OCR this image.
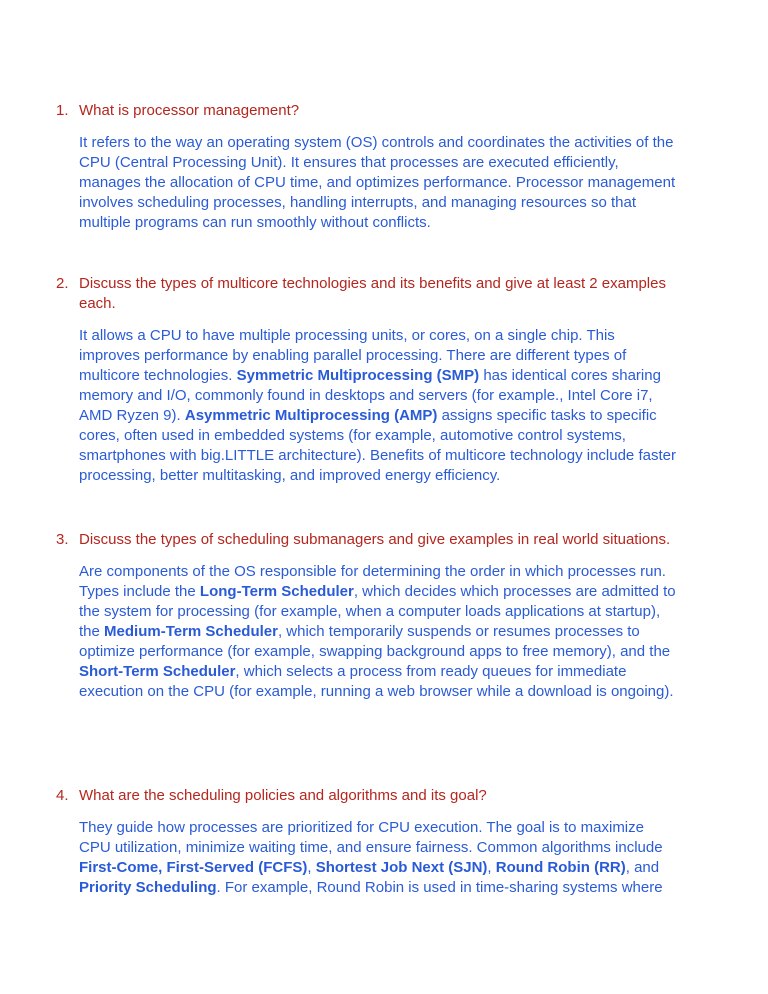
1. What is processor management?

It refers to the way an operating system (OS) controls and coordinates the activities of the CPU (Central Processing Unit). It ensures that processes are executed efficiently, manages the allocation of CPU time, and optimizes performance. Processor management involves scheduling processes, handling interrupts, and managing resources so that multiple programs can run smoothly without conflicts.

2. Discuss the types of multicore technologies and its benefits and give at least 2 examples each.

It allows a CPU to have multiple processing units, or cores, on a single chip. This improves performance by enabling parallel processing. There are different types of multicore technologies. Symmetric Multiprocessing (SMP) has identical cores sharing memory and I/O, commonly found in desktops and servers (for example., Intel Core i7, AMD Ryzen 9). Asymmetric Multiprocessing (AMP) assigns specific tasks to specific cores, often used in embedded systems (for example, automotive control systems, smartphones with big.LITTLE architecture). Benefits of multicore technology include faster processing, better multitasking, and improved energy efficiency.

3. Discuss the types of scheduling submanagers and give examples in real world situations.

Are components of the OS responsible for determining the order in which processes run. Types include the Long-Term Scheduler, which decides which processes are admitted to the system for processing (for example, when a computer loads applications at startup), the Medium-Term Scheduler, which temporarily suspends or resumes processes to optimize performance (for example, swapping background apps to free memory), and the Short-Term Scheduler, which selects a process from ready queues for immediate execution on the CPU (for example, running a web browser while a download is ongoing).

4. What are the scheduling policies and algorithms and its goal?

They guide how processes are prioritized for CPU execution. The goal is to maximize CPU utilization, minimize waiting time, and ensure fairness. Common algorithms include First-Come, First-Served (FCFS), Shortest Job Next (SJN), Round Robin (RR), and Priority Scheduling. For example, Round Robin is used in time-sharing systems where
